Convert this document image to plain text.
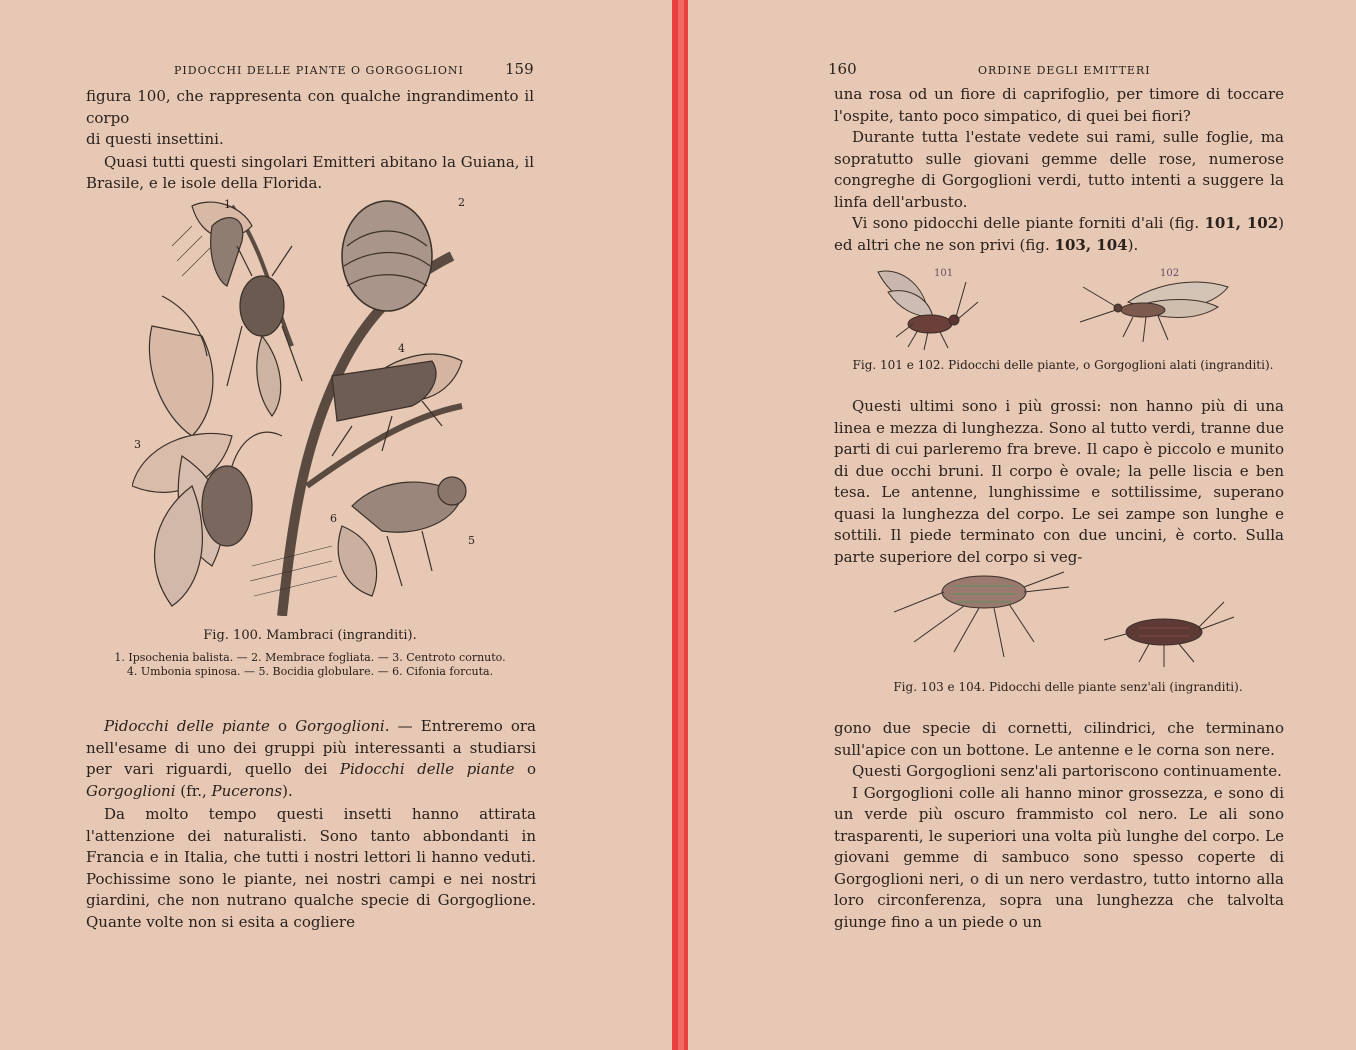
PIDOCCHI DELLE PIANTE O GORGOGLIONI	159

figura 100, che rappresenta con qualche ingrandimento il corpo

di questi insettini.

Quasi tutti questi singolari Emitteri abitano la Guiana, il Brasile, e le isole della Florida.

1	2
3
4
5
6
Fig. 100. Mambraci (ingranditi).
1. Ipsochenia balista. — 2. Membrace fogliata. — 3. Centroto cornuto.
4. Umbonia spinosa. — 5. Bocidia globulare. — 6. Cifonia forcuta.

Pidocchi delle piante o Gorgoglioni. — Entreremo ora nell'esame di uno dei gruppi più interessanti a studiarsi per vari riguardi, quello dei Pidocchi delle piante o Gorgoglioni (fr., Pucerons).

Da molto tempo questi insetti hanno attirata l'attenzione dei naturalisti. Sono tanto abbondanti in Francia e in Italia, che tutti i nostri lettori li hanno veduti. Pochissime sono le piante, nei nostri campi e nei nostri giardini, che non nutrano qualche specie di Gorgoglione. Quante volte non si esita a cogliere

160	ORDINE DEGLI EMITTERI

una rosa od un fiore di caprifoglio, per timore di toccare l'ospite, tanto poco simpatico, di quei bei fiori?

Durante tutta l'estate vedete sui rami, sulle foglie, ma sopratutto sulle giovani gemme delle rose, numerose congreghe di Gorgoglioni verdi, tutto intenti a suggere la linfa dell'arbusto.

Vi sono pidocchi delle piante forniti d'ali (fig. 101, 102) ed altri che ne son privi (fig. 103, 104).

101	102
Fig. 101 e 102. Pidocchi delle piante, o Gorgoglioni alati (ingranditi).

Questi ultimi sono i più grossi: non hanno più di una linea e mezza di lunghezza. Sono al tutto verdi, tranne due parti di cui parleremo fra breve. Il capo è piccolo e munito di due occhi bruni. Il corpo è ovale; la pelle liscia e ben tesa. Le antenne, lunghissime e sottilissime, superano quasi la lunghezza del corpo. Le sei zampe son lunghe e sottili. Il piede terminato con due uncini, è corto. Sulla parte superiore del corpo si veg-

Fig. 103 e 104. Pidocchi delle piante senz'ali (ingranditi).

gono due specie di cornetti, cilindrici, che terminano sull'apice con un bottone. Le antenne e le corna son nere.

Questi Gorgoglioni senz'ali partoriscono continuamente.

I Gorgoglioni colle ali hanno minor grossezza, e sono di un verde più oscuro frammisto col nero. Le ali sono trasparenti, le superiori una volta più lunghe del corpo. Le giovani gemme di sambuco sono spesso coperte di Gorgoglioni neri, o di un nero verdastro, tutto intorno alla loro circonferenza, sopra una lunghezza che talvolta giunge fino a un piede o un
